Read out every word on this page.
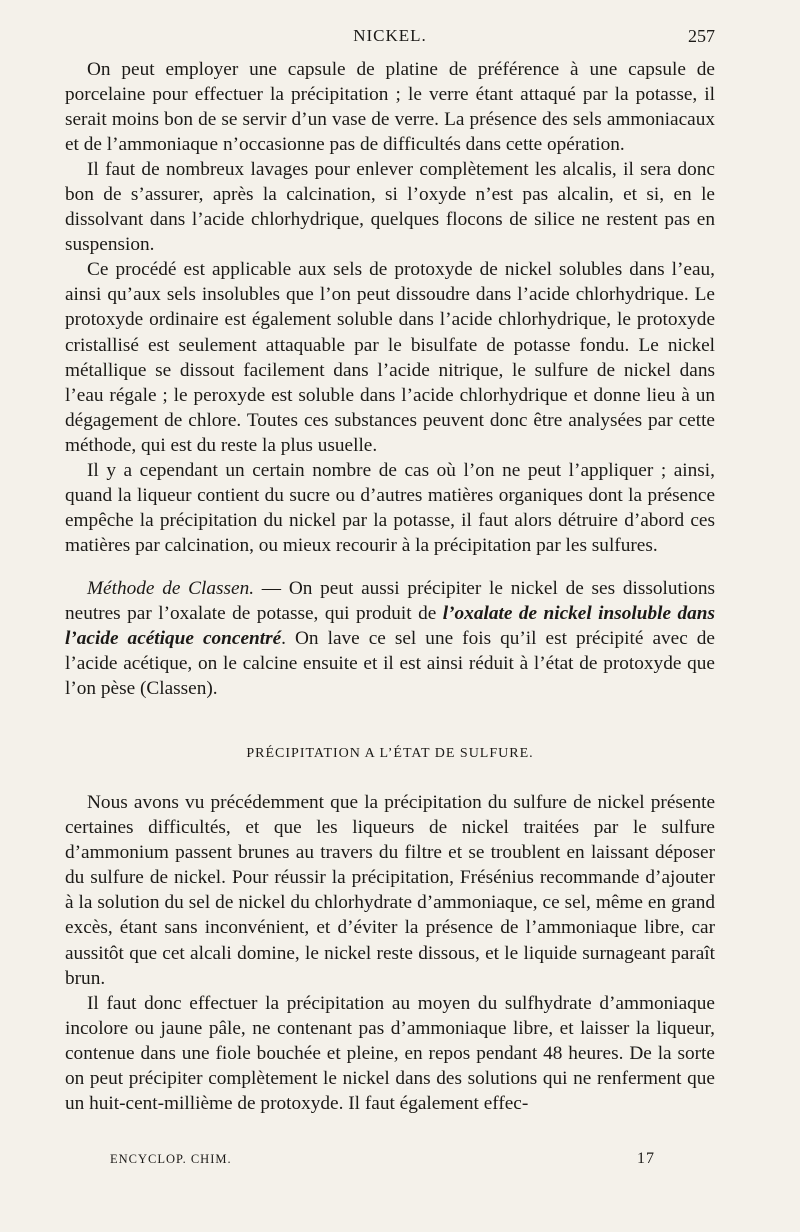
NICKEL.	257

On peut employer une capsule de platine de préférence à une capsule de porcelaine pour effectuer la précipitation ; le verre étant attaqué par la potasse, il serait moins bon de se servir d’un vase de verre. La présence des sels ammoniacaux et de l’ammoniaque n’occasionne pas de difficultés dans cette opération.

Il faut de nombreux lavages pour enlever complètement les alcalis, il sera donc bon de s’assurer, après la calcination, si l’oxyde n’est pas alcalin, et si, en le dissolvant dans l’acide chlorhydrique, quelques flocons de silice ne restent pas en suspension.

Ce procédé est applicable aux sels de protoxyde de nickel solubles dans l’eau, ainsi qu’aux sels insolubles que l’on peut dissoudre dans l’acide chlorhydrique. Le protoxyde ordinaire est également soluble dans l’acide chlorhydrique, le protoxyde cristallisé est seulement attaquable par le bisulfate de potasse fondu. Le nickel métallique se dissout facilement dans l’acide nitrique, le sulfure de nickel dans l’eau régale ; le peroxyde est soluble dans l’acide chlorhydrique et donne lieu à un dégagement de chlore. Toutes ces substances peuvent donc être analysées par cette méthode, qui est du reste la plus usuelle.

Il y a cependant un certain nombre de cas où l’on ne peut l’appliquer ; ainsi, quand la liqueur contient du sucre ou d’autres matières organiques dont la présence empêche la précipitation du nickel par la potasse, il faut alors détruire d’abord ces matières par calcination, ou mieux recourir à la précipitation par les sulfures.

Méthode de Classen. — On peut aussi précipiter le nickel de ses dissolutions neutres par l’oxalate de potasse, qui produit de l’oxalate de nickel insoluble dans l’acide acétique concentré. On lave ce sel une fois qu’il est précipité avec de l’acide acétique, on le calcine ensuite et il est ainsi réduit à l’état de protoxyde que l’on pèse (Classen).

PRÉCIPITATION A L’ÉTAT DE SULFURE.

Nous avons vu précédemment que la précipitation du sulfure de nickel présente certaines difficultés, et que les liqueurs de nickel traitées par le sulfure d’ammonium passent brunes au travers du filtre et se troublent en laissant déposer du sulfure de nickel. Pour réussir la précipitation, Frésénius recommande d’ajouter à la solution du sel de nickel du chlorhydrate d’ammoniaque, ce sel, même en grand excès, étant sans inconvénient, et d’éviter la présence de l’ammoniaque libre, car aussitôt que cet alcali domine, le nickel reste dissous, et le liquide surnageant paraît brun.

Il faut donc effectuer la précipitation au moyen du sulfhydrate d’ammoniaque incolore ou jaune pâle, ne contenant pas d’ammoniaque libre, et laisser la liqueur, contenue dans une fiole bouchée et pleine, en repos pendant 48 heures. De la sorte on peut précipiter complètement le nickel dans des solutions qui ne renferment que un huit-cent-millième de protoxyde. Il faut également effec-

ENCYCLOP. CHIM.	17
